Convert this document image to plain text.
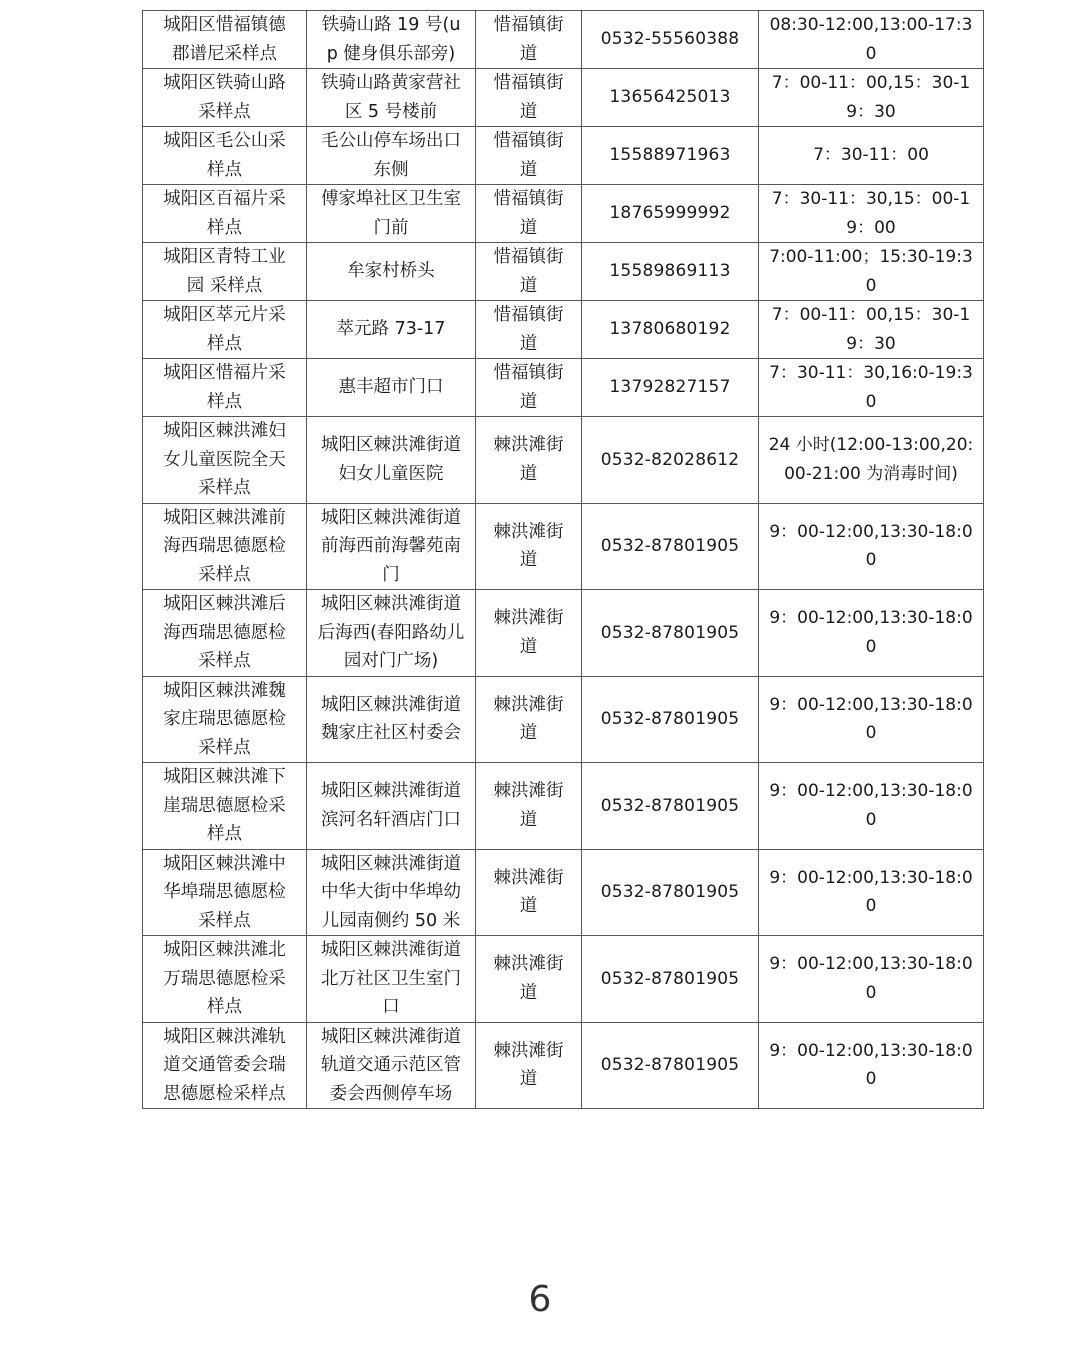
城阳区惜福镇德郡谱尼采样点	铁骑山路 19 号(up 健身俱乐部旁)	惜福镇街道	0532-55560388	08:30-12:00,13:00-17:30
城阳区铁骑山路采样点	铁骑山路黄家营社区 5 号楼前	惜福镇街道	13656425013	7：00-11：00,15：30-19：30
城阳区毛公山采样点	毛公山停车场出口东侧	惜福镇街道	15588971963	7：30-11：00
城阳区百福片采样点	傅家埠社区卫生室门前	惜福镇街道	18765999992	7：30-11：30,15：00-19：00
城阳区青特工业园 采样点	牟家村桥头	惜福镇街道	15589869113	7:00-11:00；15:30-19:30
城阳区萃元片采样点	萃元路 73-17	惜福镇街道	13780680192	7：00-11：00,15：30-19：30
城阳区惜福片采样点	惠丰超市门口	惜福镇街道	13792827157	7：30-11：30,16:0-19:30
城阳区棘洪滩妇女儿童医院全天采样点	城阳区棘洪滩街道妇女儿童医院	棘洪滩街道	0532-82028612	24 小时(12:00-13:00,20:00-21:00 为消毒时间)
城阳区棘洪滩前海西瑞思德愿检采样点	城阳区棘洪滩街道前海西前海馨苑南门	棘洪滩街道	0532-87801905	9：00-12:00,13:30-18:00
城阳区棘洪滩后海西瑞思德愿检采样点	城阳区棘洪滩街道后海西(春阳路幼儿园对门广场)	棘洪滩街道	0532-87801905	9：00-12:00,13:30-18:00
城阳区棘洪滩魏家庄瑞思德愿检采样点	城阳区棘洪滩街道魏家庄社区村委会	棘洪滩街道	0532-87801905	9：00-12:00,13:30-18:00
城阳区棘洪滩下崖瑞思德愿检采样点	城阳区棘洪滩街道滨河名轩酒店门口	棘洪滩街道	0532-87801905	9：00-12:00,13:30-18:00
城阳区棘洪滩中华埠瑞思德愿检采样点	城阳区棘洪滩街道中华大街中华埠幼儿园南侧约 50 米	棘洪滩街道	0532-87801905	9：00-12:00,13:30-18:00
城阳区棘洪滩北万瑞思德愿检采样点	城阳区棘洪滩街道北万社区卫生室门口	棘洪滩街道	0532-87801905	9：00-12:00,13:30-18:00
城阳区棘洪滩轨道交通管委会瑞思德愿检采样点	城阳区棘洪滩街道轨道交通示范区管委会西侧停车场	棘洪滩街道	0532-87801905	9：00-12:00,13:30-18:00
6
